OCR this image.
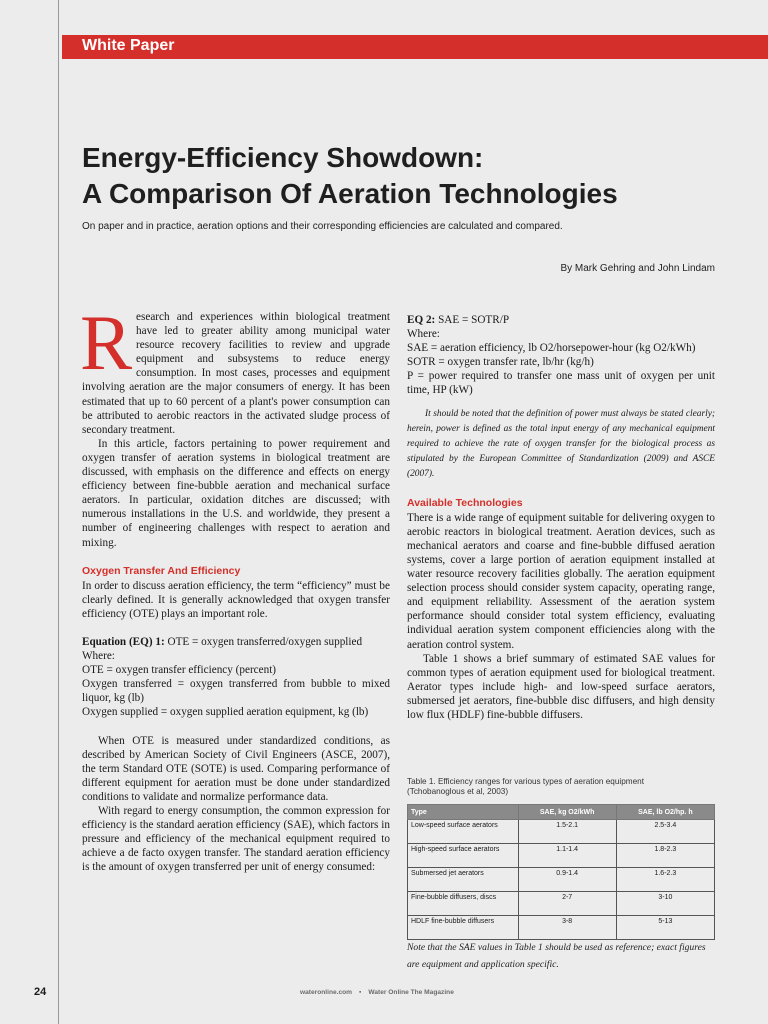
White Paper
Energy-Efficiency Showdown:
A Comparison Of Aeration Technologies
On paper and in practice, aeration options and their corresponding efficiencies are calculated and compared.
By Mark Gehring and John Lindam

Research and experiences within biological treatment have led to greater ability among municipal water resource recovery facilities to review and upgrade equipment and subsystems to reduce energy consumption. In most cases, processes and equipment involving aeration are the major consumers of energy. It has been estimated that up to 60 percent of a plant's power consumption can be attributed to aerobic reactors in the activated sludge process of secondary treatment.

In this article, factors pertaining to power requirement and oxygen transfer of aeration systems in biological treatment are discussed, with emphasis on the difference and effects on energy efficiency between fine-bubble aeration and mechanical surface aerators. In particular, oxidation ditches are discussed; with numerous installations in the U.S. and worldwide, they present a number of engineering challenges with respect to aeration and mixing.

Oxygen Transfer And Efficiency

In order to discuss aeration efficiency, the term “efficiency” must be clearly defined. It is generally acknowledged that oxygen transfer efficiency (OTE) plays an important role.

Equation (EQ) 1: OTE = oxygen transferred/oxygen supplied

Where:

OTE = oxygen transfer efficiency (percent)

Oxygen transferred = oxygen transferred from bubble to mixed liquor, kg (lb)

Oxygen supplied = oxygen supplied aeration equipment, kg (lb)

When OTE is measured under standardized conditions, as described by American Society of Civil Engineers (ASCE, 2007), the term Standard OTE (SOTE) is used. Comparing performance of different equipment for aeration must be done under standardized conditions to validate and normalize performance data.

With regard to energy consumption, the common expression for efficiency is the standard aeration efficiency (SAE), which factors in pressure and efficiency of the mechanical equipment required to achieve a de facto oxygen transfer. The standard aeration efficiency is the amount of oxygen transferred per unit of energy consumed:

EQ 2: SAE = SOTR/P

Where:

SAE = aeration efficiency, lb O2/horsepower-hour (kg O2/kWh)

SOTR = oxygen transfer rate, lb/hr (kg/h)

P = power required to transfer one mass unit of oxygen per unit time, HP (kW)

It should be noted that the definition of power must always be stated clearly; herein, power is defined as the total input energy of any mechanical equipment required to achieve the rate of oxygen transfer for the biological process as stipulated by the European Committee of Standardization (2009) and ASCE (2007).

Available Technologies

There is a wide range of equipment suitable for delivering oxygen to aerobic reactors in biological treatment. Aeration devices, such as mechanical aerators and coarse and fine-bubble diffused aeration systems, cover a large portion of aeration equipment installed at water resource recovery facilities globally. The aeration equipment selection process should consider system capacity, operating range, and equipment reliability. Assessment of the aeration system performance should consider total system efficiency, evaluating individual aeration system component efficiencies along with the aeration control system.

Table 1 shows a brief summary of estimated SAE values for common types of aeration equipment used for biological treatment. Aerator types include high- and low-speed surface aerators, submersed jet aerators, fine-bubble disc diffusers, and high density low flux (HDLF) fine-bubble diffusers.

Table 1. Efficiency ranges for various types of aeration equipment
(Tchobanoglous et al, 2003)
Type	SAE, kg O2/kWh	SAE, lb O2/hp. h
Low-speed surface aerators	1.5-2.1	2.5-3.4
High-speed surface aerators	1.1-1.4	1.8-2.3
Submersed jet aerators	0.9-1.4	1.6-2.3
Fine-bubble diffusers, discs	2-7	3-10
HDLF fine-bubble diffusers	3-8	5-13
Note that the SAE values in Table 1 should be used as reference; exact figures are equipment and application specific.
24	wateronline.com ▪ Water Online The Magazine
